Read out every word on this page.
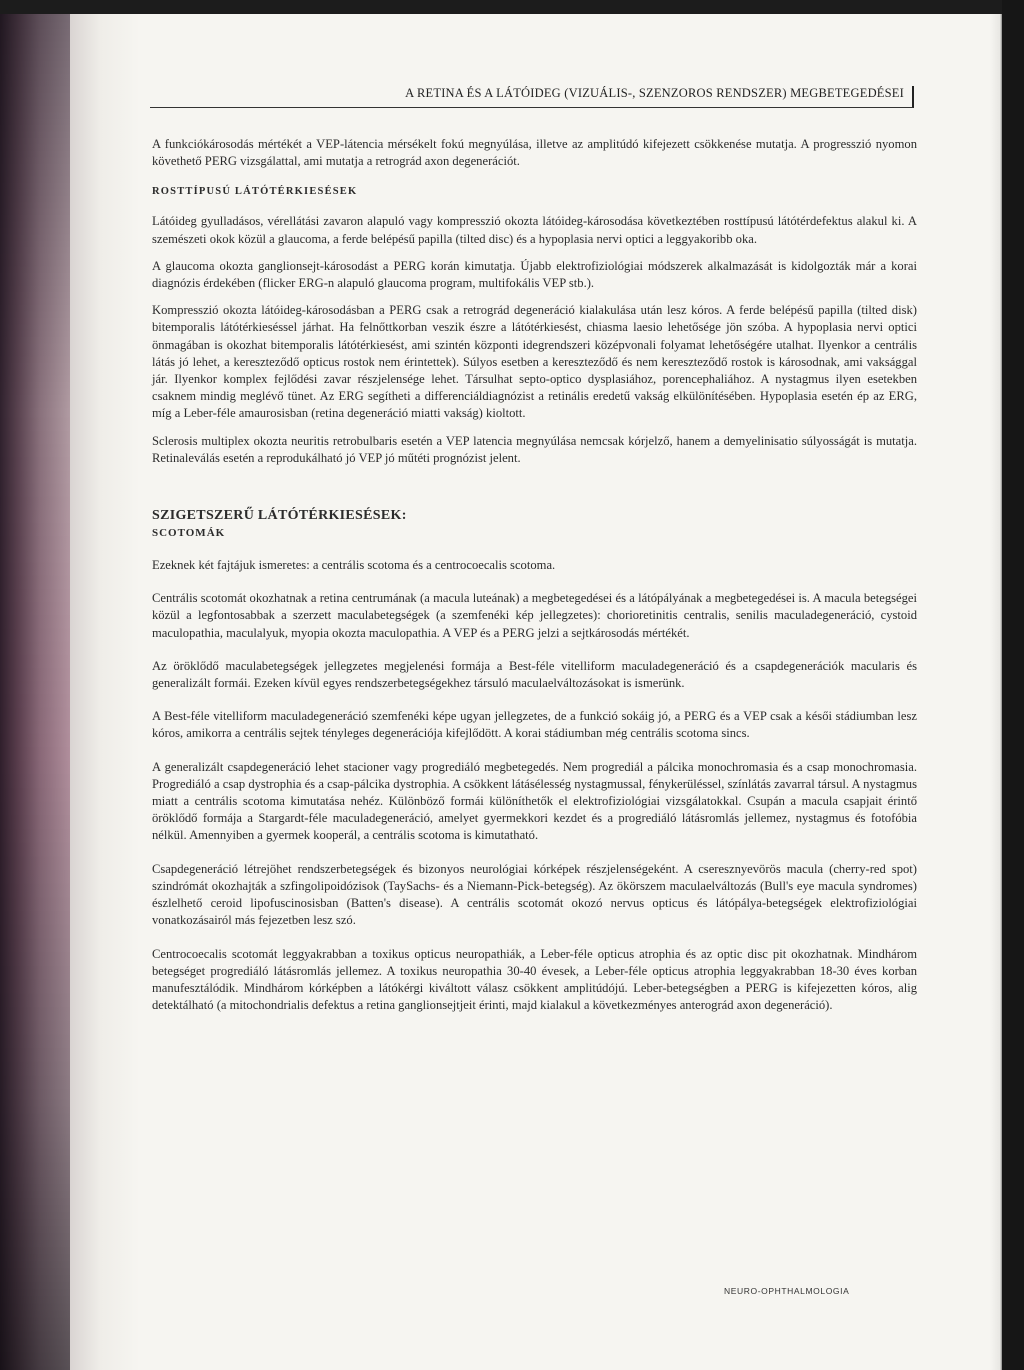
A RETINA ÉS A LÁTÓIDEG (VIZUÁLIS-, SZENZOROS RENDSZER) MEGBETEGEDÉSEI

A funkciókárosodás mértékét a VEP-látencia mérsékelt fokú megnyúlása, illetve az amplitúdó kifejezett csökkenése mutatja. A progresszió nyomon követhető PERG vizsgálattal, ami mutatja a retrográd axon degenerációt.

ROSTTÍPUSÚ LÁTÓTÉRKIESÉSEK

Látóideg gyulladásos, vérellátási zavaron alapuló vagy kompresszió okozta látóideg-károsodása következtében rosttípusú látótérdefektus alakul ki. A szemészeti okok közül a glaucoma, a ferde belépésű papilla (tilted disc) és a hypoplasia nervi optici a leggyakoribb oka.

A glaucoma okozta ganglionsejt-károsodást a PERG korán kimutatja. Újabb elektrofiziológiai módszerek alkalmazását is kidolgozták már a korai diagnózis érdekében (flicker ERG-n alapuló glaucoma program, multifokális VEP stb.).

Kompresszió okozta látóideg-károsodásban a PERG csak a retrográd degeneráció kialakulása után lesz kóros. A ferde belépésű papilla (tilted disk) bitemporalis látótérkieséssel járhat. Ha felnőttkorban veszik észre a látótérkiesést, chiasma laesio lehetősége jön szóba. A hypoplasia nervi optici önmagában is okozhat bitemporalis látótérkiesést, ami szintén központi idegrendszeri középvonali folyamat lehetőségére utalhat. Ilyenkor a centrális látás jó lehet, a kereszteződő opticus rostok nem érintettek). Súlyos esetben a kereszteződő és nem kereszteződő rostok is károsodnak, ami vaksággal jár. Ilyenkor komplex fejlődési zavar részjelensége lehet. Társulhat septo-optico dysplasiához, porencephaliához. A nystagmus ilyen esetekben csaknem mindig meglévő tünet. Az ERG segítheti a differenciáldiagnózist a retinális eredetű vakság elkülönítésében. Hypoplasia esetén ép az ERG, míg a Leber-féle amaurosisban (retina degeneráció miatti vakság) kioltott.

Sclerosis multiplex okozta neuritis retrobulbaris esetén a VEP latencia megnyúlása nemcsak kórjelző, hanem a demyelinisatio súlyosságát is mutatja. Retinaleválás esetén a reprodukálható jó VEP jó műtéti prognózist jelent.

SZIGETSZERŰ LÁTÓTÉRKIESÉSEK:
SCOTOMÁK

Ezeknek két fajtájuk ismeretes: a centrális scotoma és a centrocoecalis scotoma.

Centrális scotomát okozhatnak a retina centrumának (a macula luteának) a megbetegedései és a látópályának a megbetegedései is. A macula betegségei közül a legfontosabbak a szerzett maculabetegségek (a szemfenéki kép jellegzetes): chorioretinitis centralis, senilis maculadegeneráció, cystoid maculopathia, maculalyuk, myopia okozta maculopathia. A VEP és a PERG jelzi a sejtkárosodás mértékét.

Az öröklődő maculabetegségek jellegzetes megjelenési formája a Best-féle vitelliform maculadegeneráció és a csapdegenerációk macularis és generalizált formái. Ezeken kívül egyes rendszerbetegségekhez társuló maculaelváltozásokat is ismerünk.

A Best-féle vitelliform maculadegeneráció szemfenéki képe ugyan jellegzetes, de a funkció sokáig jó, a PERG és a VEP csak a késői stádiumban lesz kóros, amikorra a centrális sejtek tényleges degenerációja kifejlődött. A korai stádiumban még centrális scotoma sincs.

A generalizált csapdegeneráció lehet stacioner vagy progrediáló megbetegedés. Nem progrediál a pálcika monochromasia és a csap monochromasia. Progrediáló a csap dystrophia és a csap-pálcika dystrophia. A csökkent látásélesség nystagmussal, fénykerüléssel, színlátás zavarral társul. A nystagmus miatt a centrális scotoma kimutatása nehéz. Különböző formái különíthetők el elektrofiziológiai vizsgálatokkal. Csupán a macula csapjait érintő öröklődő formája a Stargardt-féle maculadegeneráció, amelyet gyermekkori kezdet és a progrediáló látásromlás jellemez, nystagmus és fotofóbia nélkül. Amennyiben a gyermek kooperál, a centrális scotoma is kimutatható.

Csapdegeneráció létrejöhet rendszerbetegségek és bizonyos neurológiai kórképek részjelenségeként. A cseresznyevörös macula (cherry-red spot) szindrómát okozhajták a szfingolipoidózisok (TaySachs- és a Niemann-Pick-betegség). Az ökörszem maculaelváltozás (Bull's eye macula syndromes) észlelhető ceroid lipofuscinosisban (Batten's disease). A centrális scotomát okozó nervus opticus és látópálya-betegségek elektrofiziológiai vonatkozásairól más fejezetben lesz szó.

Centrocoecalis scotomát leggyakrabban a toxikus opticus neuropathiák, a Leber-féle opticus atrophia és az optic disc pit okozhatnak. Mindhárom betegséget progrediáló látásromlás jellemez. A toxikus neuropathia 30-40 évesek, a Leber-féle opticus atrophia leggyakrabban 18-30 éves korban manufesztálódik. Mindhárom kórképben a látókérgi kiváltott válasz csökkent amplitúdójú. Leber-betegségben a PERG is kifejezetten kóros, alig detektálható (a mitochondrialis defektus a retina ganglionsejtjeit érinti, majd kialakul a következményes anterográd axon degeneráció).

NEURO-OPHTHALMOLOGIA
